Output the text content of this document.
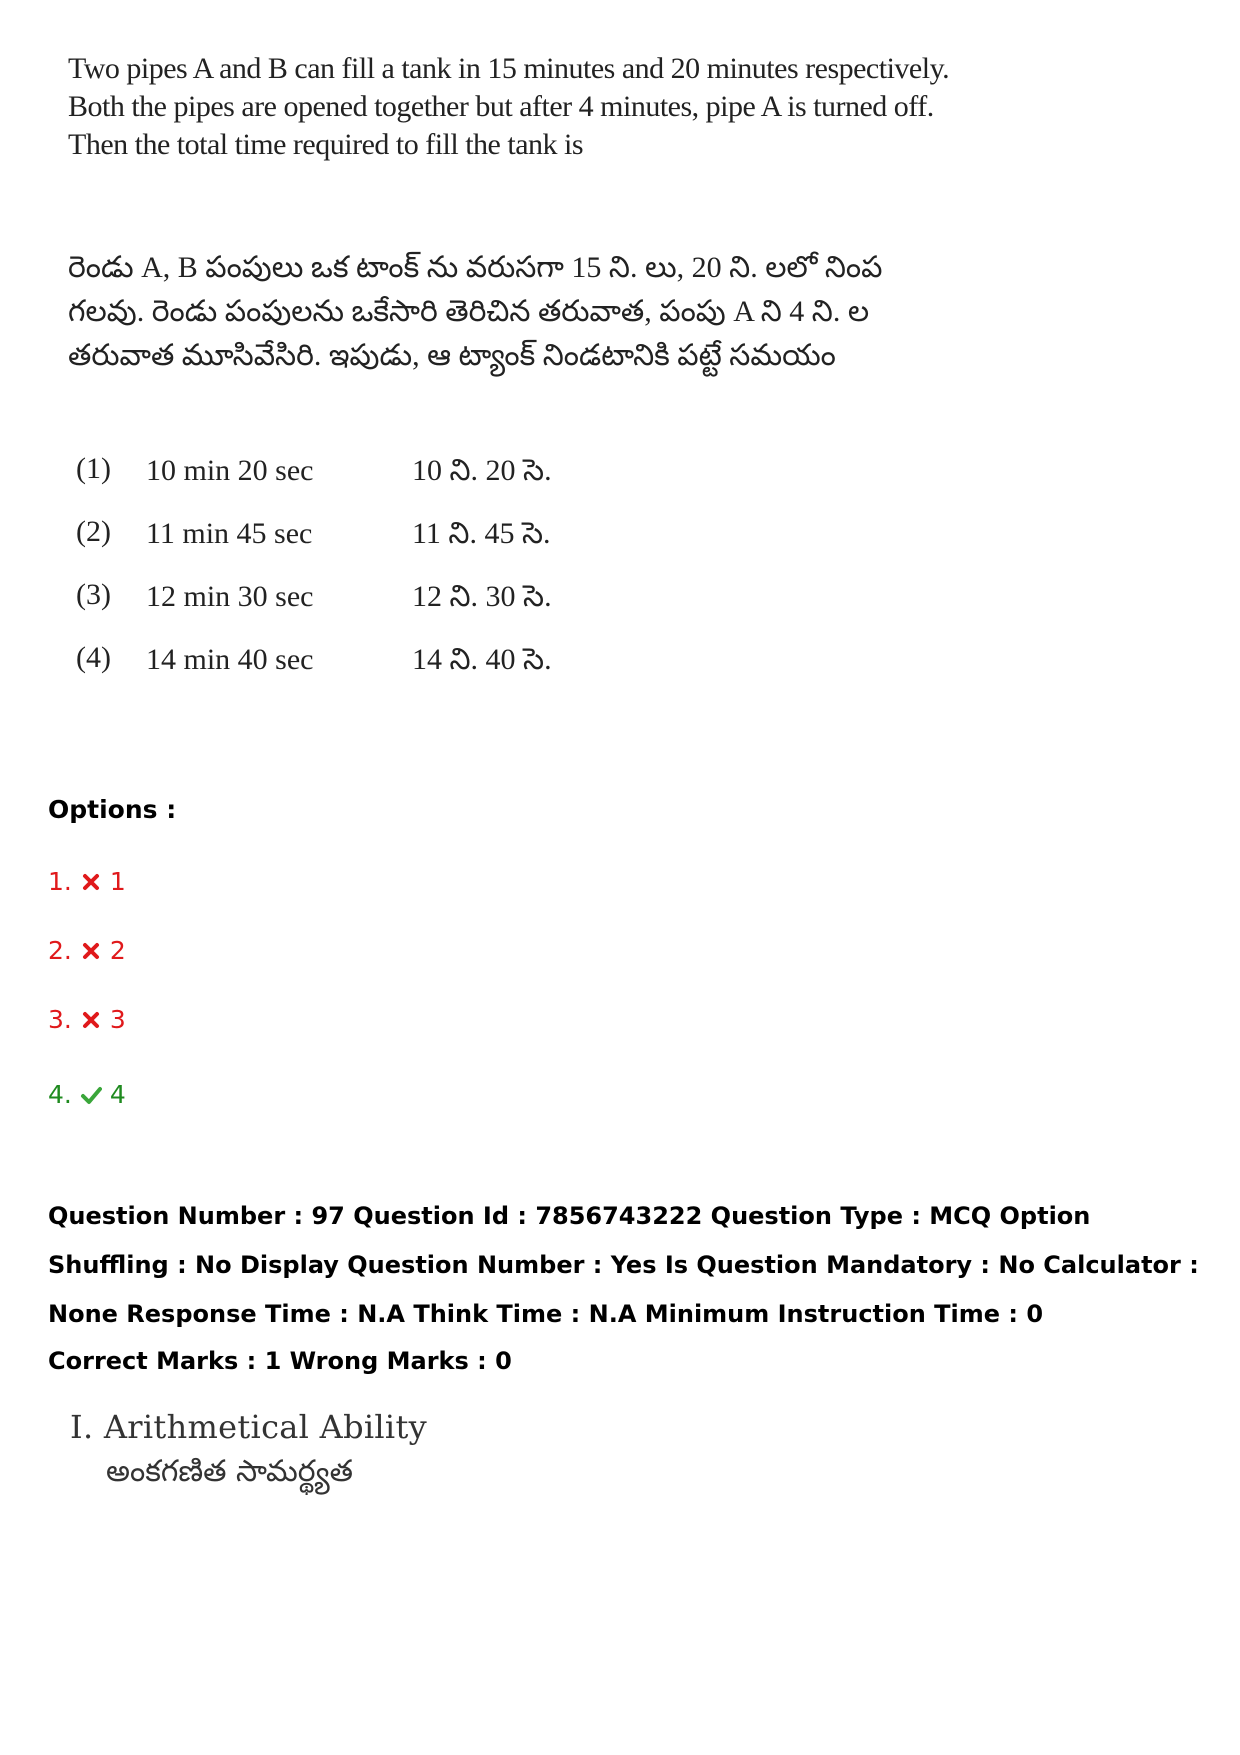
Two pipes A and B can fill a tank in 15 minutes and 20 minutes respectively.
Both the pipes are opened together but after 4 minutes, pipe A is turned off.
Then the total time required to fill the tank is
రెండు A, B పంపులు ఒక టాంక్ ను వరుసగా 15 ని. లు, 20 ని. లలో నింప
గలవు. రెండు పంపులను ఒకేసారి తెరిచిన తరువాత, పంపు A ని 4 ని. ల
తరువాత మూసివేసిరి. ఇపుడు, ఆ ట్యాంక్ నిండటానికి పట్టే సమయం
(1) 10 min 20 sec	10 ని. 20 సె.
(2) 11 min 45 sec	11 ని. 45 సె.
(3) 12 min 30 sec	12 ని. 30 సె.
(4) 14 min 40 sec	14 ని. 40 సె.
Options :
1. 1
2. 2
3. 3
4. 4
Question Number : 97 Question Id : 7856743222 Question Type : MCQ Option Shuffling : No Display Question Number : Yes Is Question Mandatory : No Calculator : None Response Time : N.A Think Time : N.A Minimum Instruction Time : 0
Correct Marks : 1 Wrong Marks : 0
I. Arithmetical Ability
అంకగణిత సామర్థ్యత
